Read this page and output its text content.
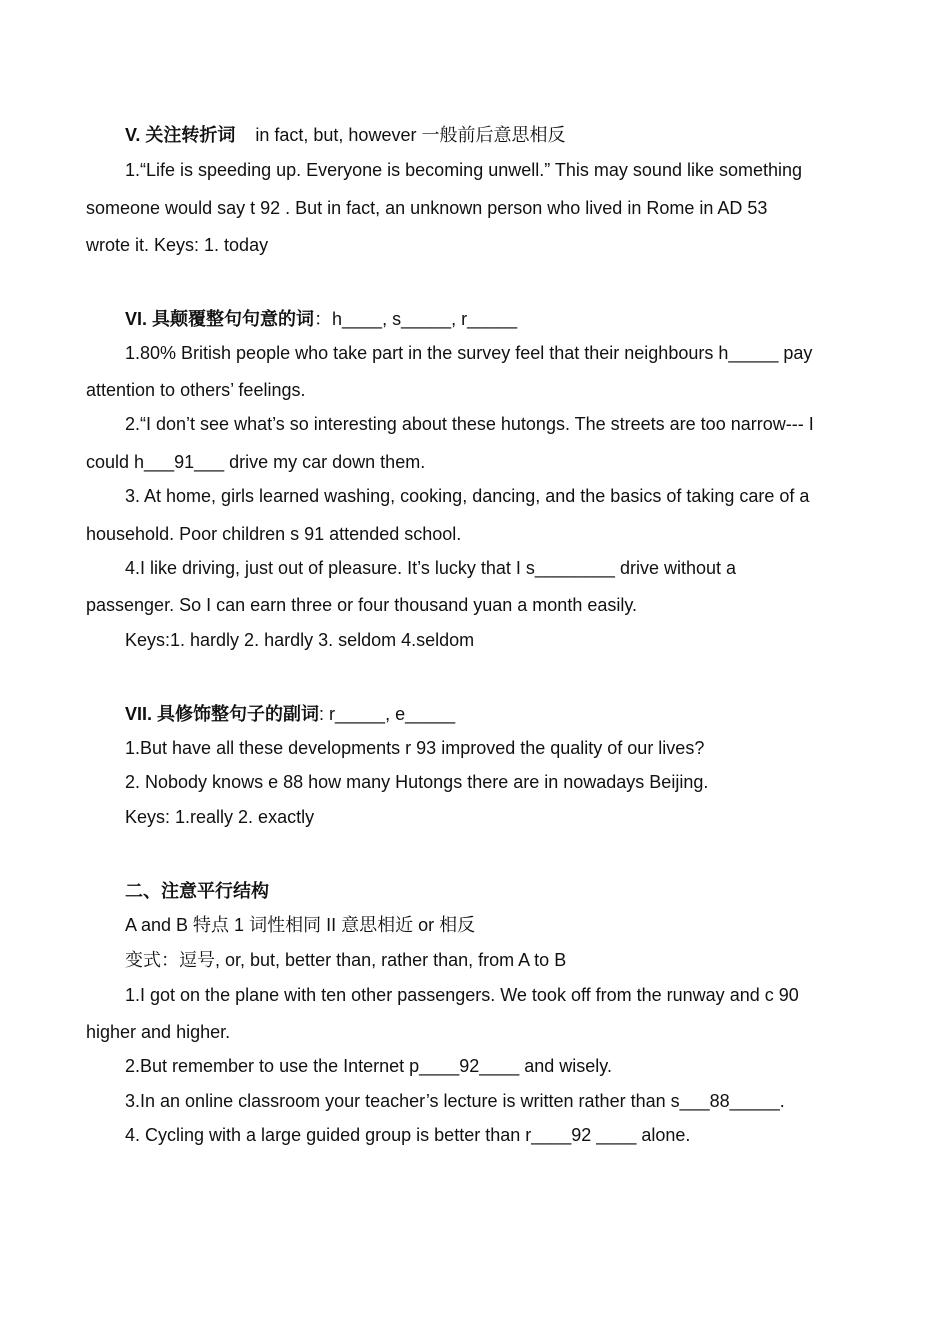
V. 关注转折词 in fact, but, however 一般前后意思相反
1.“Life is speeding up. Everyone is becoming unwell.” This may sound like something
someone would say t 92 . But in fact, an unknown person who lived in Rome in AD 53
wrote it. Keys: 1. today
VI. 具颠覆整句句意的词：h____, s_____, r_____
1.80% British people who take part in the survey feel that their neighbours h_____ pay
attention to others’ feelings.
2.“I don’t see what’s so interesting about these hutongs. The streets are too narrow--- I
could h___91___ drive my car down them.
3. At home, girls learned washing, cooking, dancing, and the basics of taking care of a
household. Poor children s 91 attended school.
4.I like driving, just out of pleasure. It’s lucky that I s________ drive without a
passenger. So I can earn three or four thousand yuan a month easily.
Keys:1. hardly 2. hardly 3. seldom 4.seldom
VII. 具修饰整句子的副词: r_____, e_____
1.But have all these developments r 93 improved the quality of our lives?
2. Nobody knows e 88 how many Hutongs there are in nowadays Beijing.
Keys: 1.really 2. exactly
二、注意平行结构
A and B 特点 1 词性相同 II 意思相近 or 相反
变式：逗号, or, but, better than, rather than, from A to B
1.I got on the plane with ten other passengers. We took off from the runway and c 90
higher and higher.
2.But remember to use the Internet p____92____ and wisely.
3.In an online classroom your teacher’s lecture is written rather than s___88_____.
4. Cycling with a large guided group is better than r____92 ____ alone.
